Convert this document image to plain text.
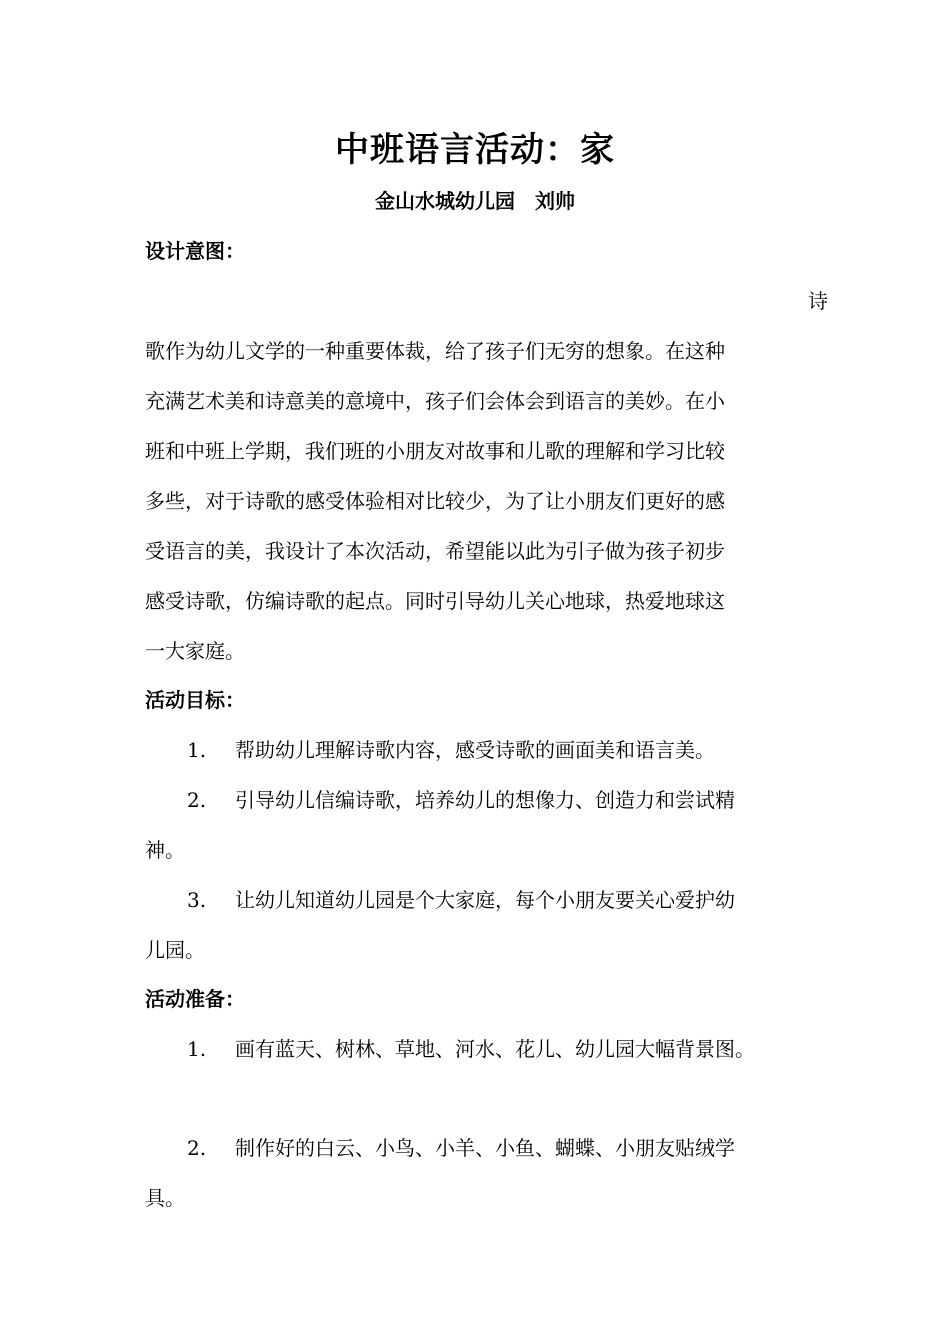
中班语言活动：家
金山水城幼儿园　刘帅
设计意图：
诗
歌作为幼儿文学的一种重要体裁，给了孩子们无穷的想象。在这种
充满艺术美和诗意美的意境中，孩子们会体会到语言的美妙。在小
班和中班上学期，我们班的小朋友对故事和儿歌的理解和学习比较
多些，对于诗歌的感受体验相对比较少，为了让小朋友们更好的感
受语言的美，我设计了本次活动，希望能以此为引子做为孩子初步
感受诗歌，仿编诗歌的起点。同时引导幼儿关心地球，热爱地球这
一大家庭。
活动目标：
1. 帮助幼儿理解诗歌内容，感受诗歌的画面美和语言美。
2. 引导幼儿信编诗歌，培养幼儿的想像力、创造力和尝试精
神。
3. 让幼儿知道幼儿园是个大家庭，每个小朋友要关心爱护幼
儿园。
活动准备：
1. 画有蓝天、树林、草地、河水、花儿、幼儿园大幅背景图。
2. 制作好的白云、小鸟、小羊、小鱼、蝴蝶、小朋友贴绒学
具。
